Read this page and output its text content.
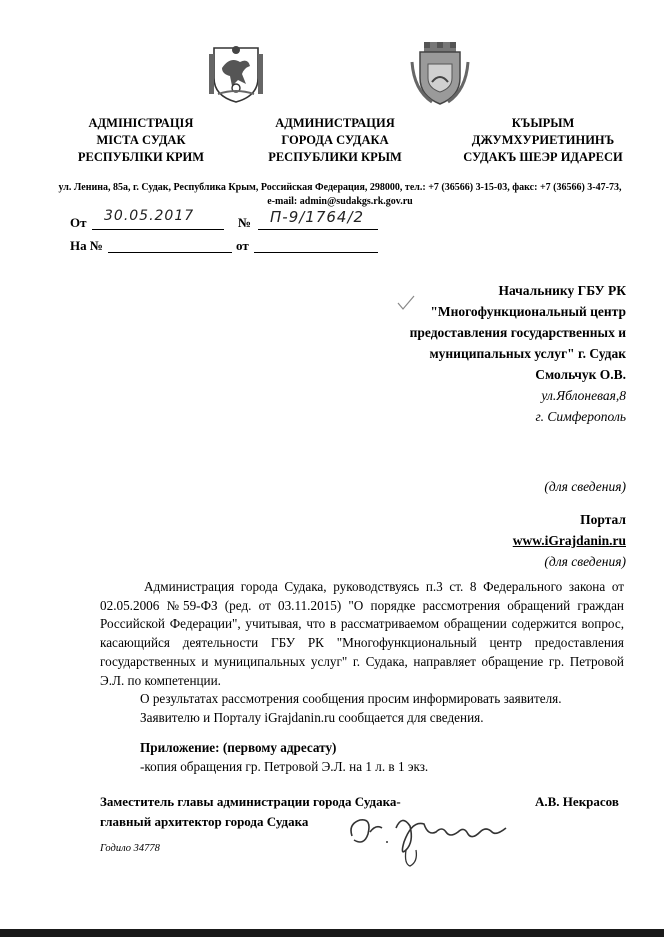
АДМІНІСТРАЦІЯ
МІСТА СУДАК
РЕСПУБЛІКИ КРИМ
АДМИНИСТРАЦИЯ
ГОРОДА СУДАКА
РЕСПУБЛИКИ КРЫМ
КЪЫРЫМ
ДЖУМХУРИЕТИНИНЪ
СУДАКЪ ШЕЭР ИДАРЕСИ
ул. Ленина, 85а, г. Судак, Республика Крым, Российская Федерация, 298000, тел.: +7 (36566) 3-15-03, факс: +7 (36566) 3-47-73,
e-mail: admin@sudakgs.rk.gov.ru
От 30.05.2017	№ П-9/1764/2
На №	от
Начальнику ГБУ РК
"Многофункциональный центр
предоставления государственных и
муниципальных услуг" г. Судак
Смольчук О.В.
ул.Яблоневая,8
г. Симферополь
(для сведения)
Портал
www.iGrajdanin.ru
(для сведения)

Администрация города Судака, руководствуясь п.3 ст. 8 Федерального закона от 02.05.2006 №59-ФЗ (ред. от 03.11.2015) "О порядке рассмотрения обращений граждан Российской Федерации", учитывая, что в рассматриваемом обращении содержится вопрос, касающийся деятельности ГБУ РК "Многофункциональный центр предоставления государственных и муниципальных услуг" г. Судака, направляет обращение гр. Петровой Э.Л. по компетенции.

О результатах рассмотрения сообщения просим информировать заявителя.

Заявителю и Порталу iGrajdanin.ru сообщается для сведения.

Приложение: (первому адресату)
-копия обращения гр. Петровой Э.Л. на 1 л. в 1 экз.
Заместитель главы администрации города Судака-
главный архитектор города Судака
А.В. Некрасов
Годило 34778
